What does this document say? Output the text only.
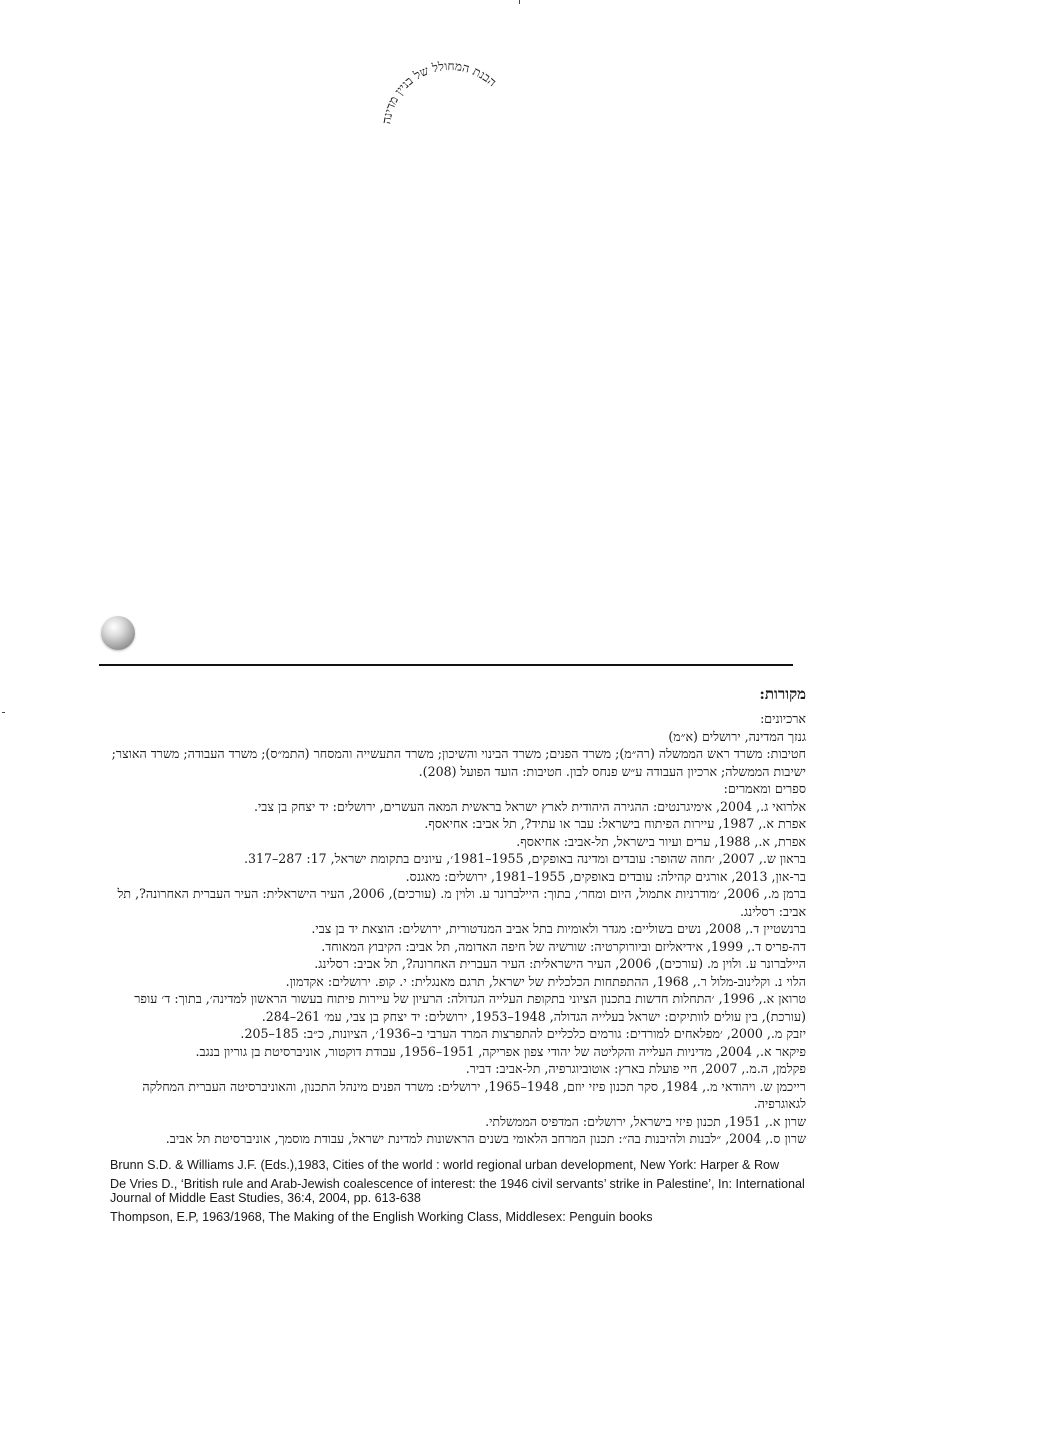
הבנת המחולל של בניין מדינה
מקורות:
ארכיונים:
גנזך המדינה, ירושלים (א״מ)
חטיבות: משרד ראש הממשלה (רה״מ); משרד הפנים; משרד הבינוי והשיכון; משרד התעשייה והמסחר (התמ״ס); משרד העבודה; משרד האוצר; ישיבות הממשלה; ארכיון העבודה ע״ש פנחס לבון. חטיבות: הועד הפועל (208).
ספרים ומאמרים:
אלרואי ג., 2004, אימיגרנטים: ההגירה היהודית לארץ ישראל בראשית המאה העשרים, ירושלים: יד יצחק בן צבי.
אפרת א., 1987, עיירות הפיתוח בישראל: עבר או עתיד?, תל אביב: אחיאסף.
אפרת, א., 1988, ערים ועיור בישראל, תל-אביב: אחיאסף.
בראון ש., 2007, ׳חוזה שהופר: עובדים ומדינה באופקים, 1955–1981׳, עיונים בתקומת ישראל, 17: 287–317.
בר-און, 2013, אורגים קהילה: עובדים באופקים, 1955–1981, ירושלים: מאגנס.
ברמן מ., 2006, ׳מודרניות אתמול, היום ומחר׳, בתוך: היילברונר ע. ולוין מ. (עורכים), 2006, העיר הישראלית: העיר העברית האחרונה?, תל אביב: רסלינג.
ברנשטיין ד., 2008, נשים בשוליים: מגדר ולאומיות בתל אביב המנדטורית, ירושלים: הוצאת יד בן צבי.
דה-פריס ד., 1999, אידיאליזם וביורוקרטיה: שורשיה של חיפה האדומה, תל אביב: הקיבוץ המאוחד.
היילברונר ע. ולוין מ. (עורכים), 2006, העיר הישראלית: העיר העברית האחרונה?, תל אביב: רסלינג.
הלוי נ. וקלינוב-מלול ר., 1968, ההתפתחות הכלכלית של ישראל, תרגם מאנגלית: י. קופ. ירושלים: אקדמון.
טרואן א., 1996, ׳התחלות חדשות בתכנון הציוני בתקופת העלייה הגדולה: הרעיון של עיירות פיתוח בעשור הראשון למדינה׳, בתוך: ד׳ עופר (עורכת), בין עולים לוותיקים: ישראל בעלייה הגדולה, 1948–1953, ירושלים: יד יצחק בן צבי, עמ׳ 261–284.
יזבק מ., 2000, ׳מפלאחים למורדים: גורמים כלכליים להתפרצות המרד הערבי ב–1936׳, הציונות, כ״ב: 185–205.
פיקאר א., 2004, מדיניות העלייה והקליטה של יהודי צפון אפריקה, 1951–1956, עבודת דוקטור, אוניברסיטת בן גוריון בנגב.
פקלמן, ה.מ., 2007, חיי פועלת בארץ: אוטוביוגרפיה, תל-אביב: דביר.
רייכמן ש. ויהודאי מ., 1984, סקר תכנון פיזי יוזם, 1948–1965, ירושלים: משרד הפנים מינהל התכנון, והאוניברסיטה העברית המחלקה לגאוגרפיה.
שרון א., 1951, תכנון פיזי בישראל, ירושלים: המדפיס הממשלתי.
שרון ס., 2004, ״לבנות ולהיבנות בה״: תכנון המרחב הלאומי בשנים הראשונות למדינת ישראל, עבודת מוסמך, אוניברסיטת תל אביב.
Brunn S.D. & Williams J.F. (Eds.),1983, Cities of the world : world regional urban development, New York: Harper & Row
De Vries D., ‘British rule and Arab-Jewish coalescence of interest: the 1946 civil servants’ strike in Palestine’, In: International Journal of Middle East Studies, 36:4, 2004, pp. 613-638
Thompson, E.P, 1963/1968, The Making of the English Working Class, Middlesex: Penguin books
